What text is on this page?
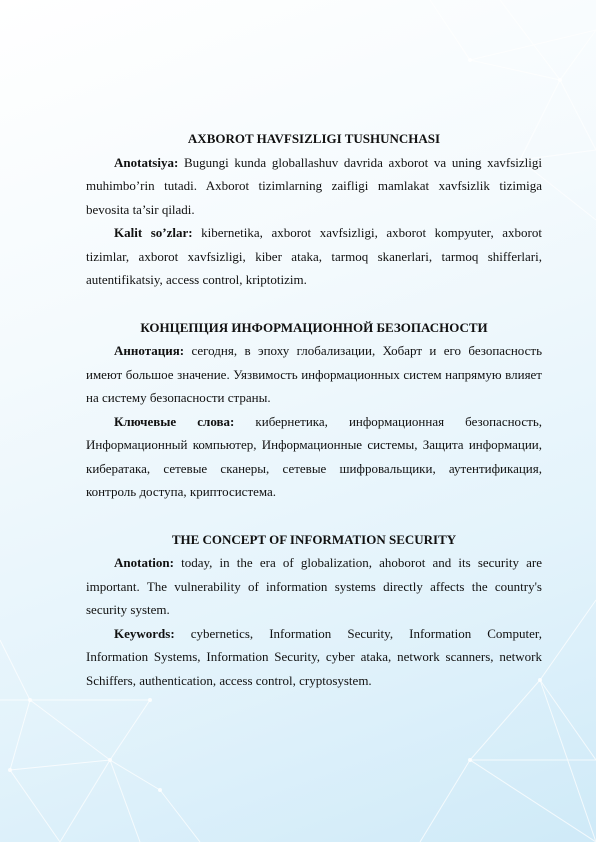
AXBOROT HAVFSIZLIGI TUSHUNCHASI

Anotatsiya: Bugungi kunda globallashuv davrida axborot va uning xavfsizligi muhimbo’rin tutadi. Axborot tizimlarning zaifligi mamlakat xavfsizlik tizimiga bevosita ta’sir qiladi.

Kalit so’zlar: kibernetika, axborot xavfsizligi, axborot kompyuter, axborot tizimlar, axborot xavfsizligi, kiber ataka, tarmoq skanerlari, tarmoq shifferlari, autentifikatsiy, access control, kriptotizim.

КОНЦЕПЦИЯ ИНФОРМАЦИОННОЙ БЕЗОПАСНОСТИ

Аннотация: сегодня, в эпоху глобализации, Хобарт и его безопасность имеют большое значение. Уязвимость информационных систем напрямую влияет на систему безопасности страны.

Ключевые слова: кибернетика, информационная безопасность, Информационный компьютер, Информационные системы, Защита информации, кибератака, сетевые сканеры, сетевые шифровальщики, аутентификация, контроль доступа, криптосистема.

THE CONCEPT OF INFORMATION SECURITY

Anotation: today, in the era of globalization, ahoborot and its security are important. The vulnerability of information systems directly affects the country's security system.

Keywords: cybernetics, Information Security, Information Computer, Information Systems, Information Security, cyber ataka, network scanners, network Schiffers, authentication, access control, cryptosystem.
